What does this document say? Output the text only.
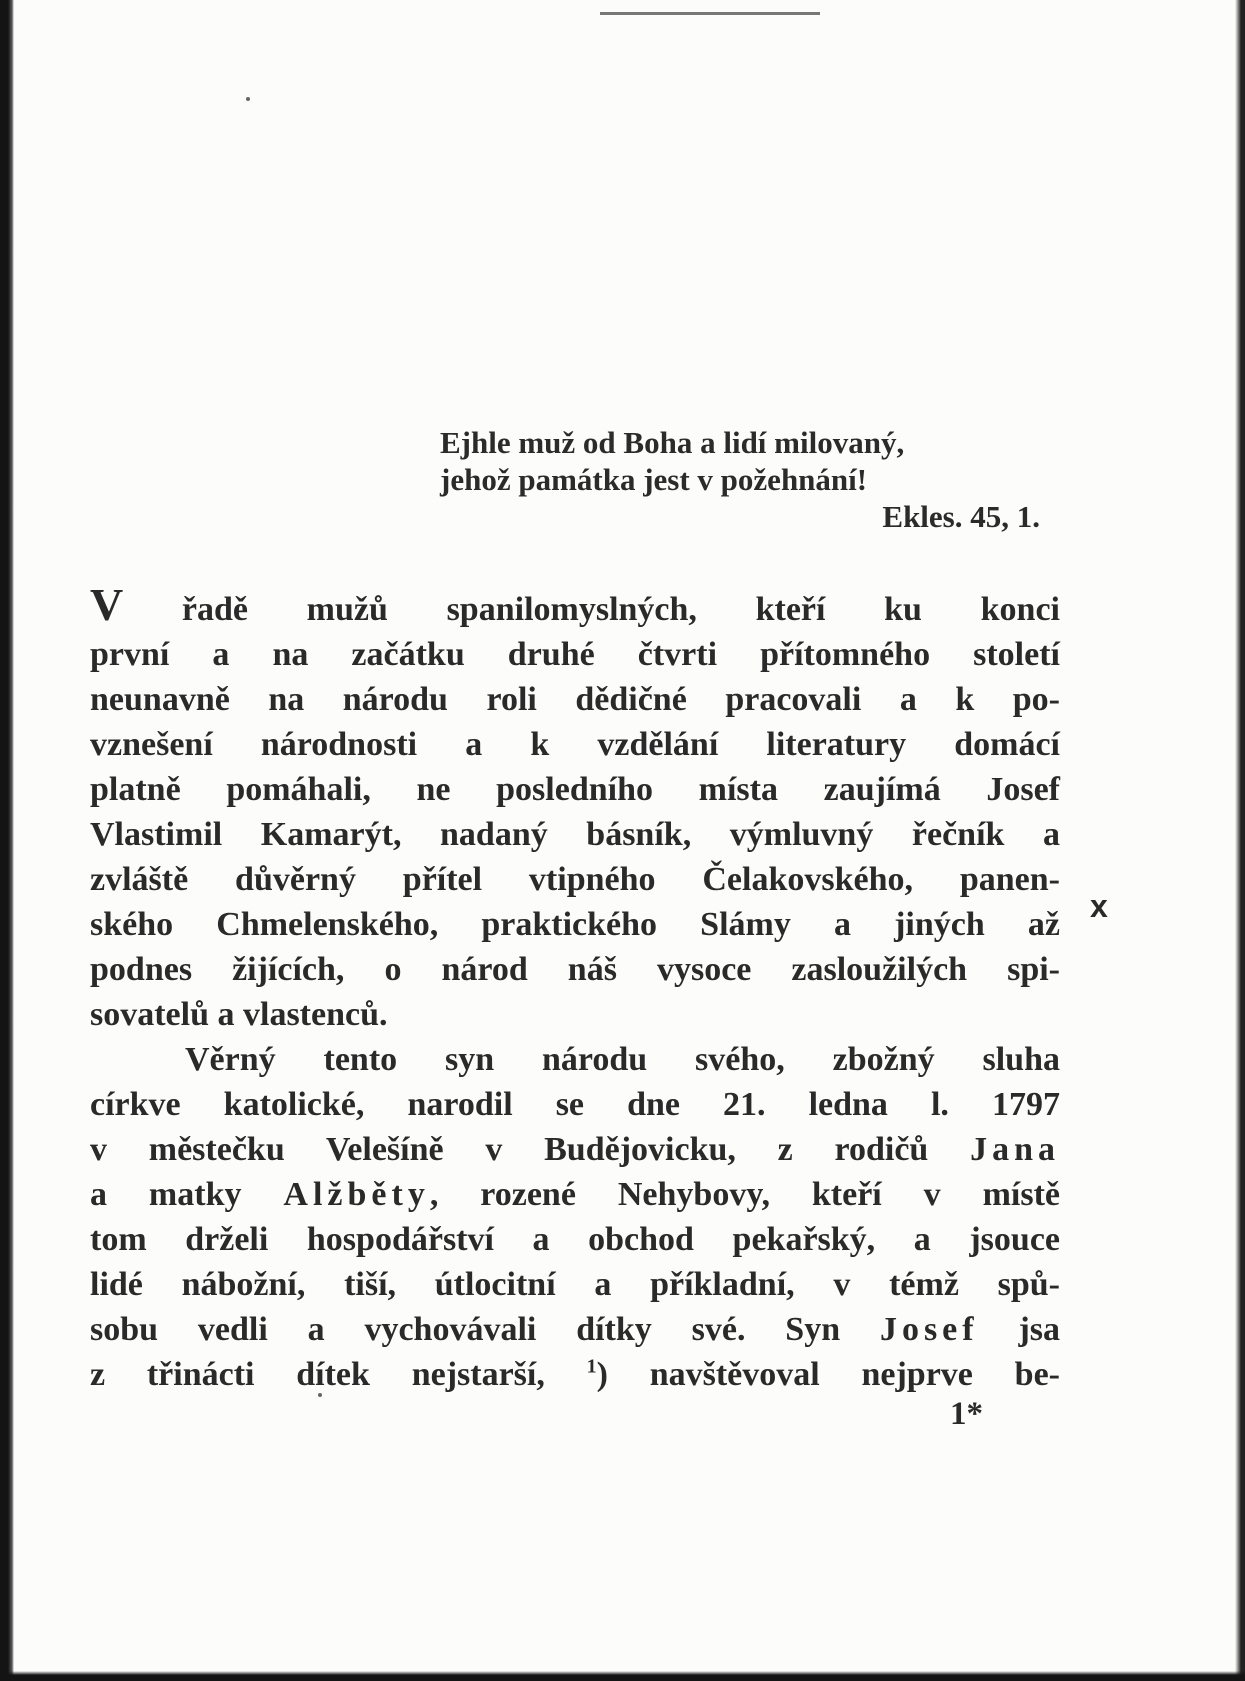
Ejhle muž od Boha a lidí milovaný,
jehož památka jest v požehnání!
Ekles. 45, 1.
V řadě mužů spanilomyslných, kteří ku konci
první a na začátku druhé čtvrti přítomného století
neunavně na národu roli dědičné pracovali a k po-
vznešení národnosti a k vzdělání literatury domácí
platně pomáhali, ne posledního místa zaujímá Josef
Vlastimil Kamarýt, nadaný básník, výmluvný řečník a
zvláště důvěrný přítel vtipného Čelakovského, panen-
ského Chmelenského, praktického Slámy a jiných až
podnes žijících, o národ náš vysoce zasloužilých spi-
sovatelů a vlastenců.
Věrný tento syn národu svého, zbožný sluha
církve katolické, narodil se dne 21. ledna l. 1797
v městečku Velešíně v Budějovicku, z rodičů Jana
a matky Alžběty, rozené Nehybovy, kteří v místě
tom drželi hospodářství a obchod pekařský, a jsouce
lidé nábožní, tiší, útlocitní a příkladní, v témž spů-
sobu vedli a vychovávali dítky své. Syn Josef jsa
z třinácti dítek nejstarší, $^1$) navštěvoval nejprve be-
x
1*
